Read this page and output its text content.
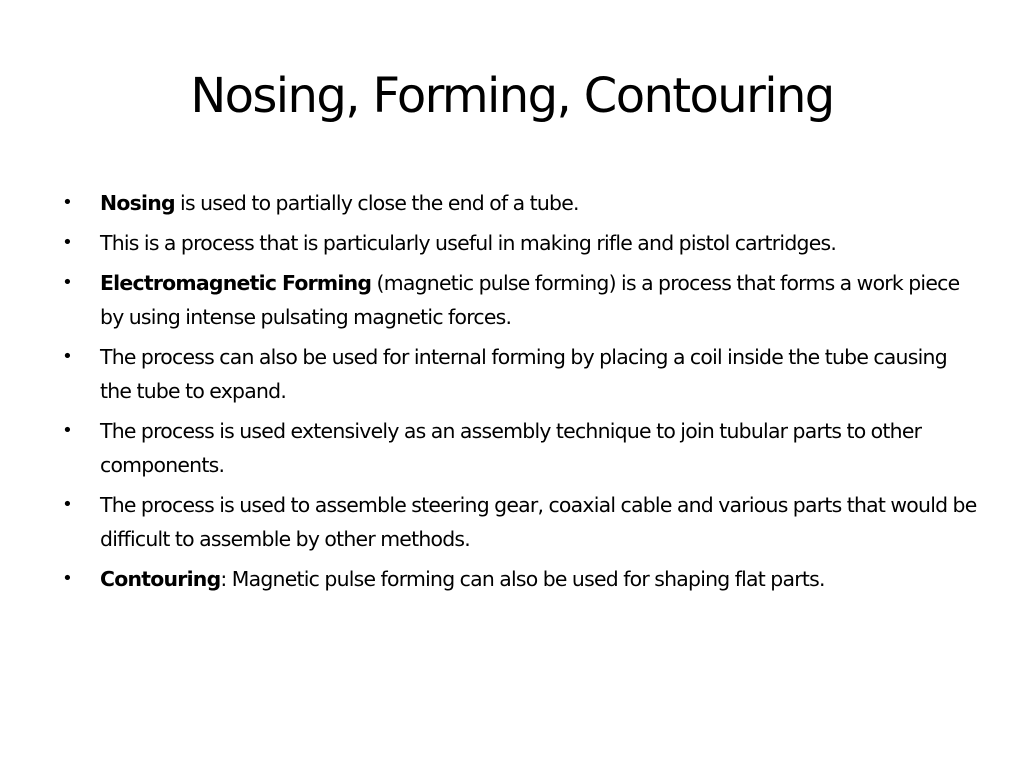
Nosing, Forming, Contouring
• Nosing is used to partially close the end of a tube.
• This is a process that is particularly useful in making rifle and pistol cartridges.
• Electromagnetic Forming (magnetic pulse forming) is a process that forms a work piece by using intense pulsating magnetic forces.
• The process can also be used for internal forming by placing a coil inside the tube causing the tube to expand.
• The process is used extensively as an assembly technique to join tubular parts to other components.
• The process is used to assemble steering gear, coaxial cable and various parts that would be difficult to assemble by other methods.
• Contouring: Magnetic pulse forming can also be used for shaping flat parts.
